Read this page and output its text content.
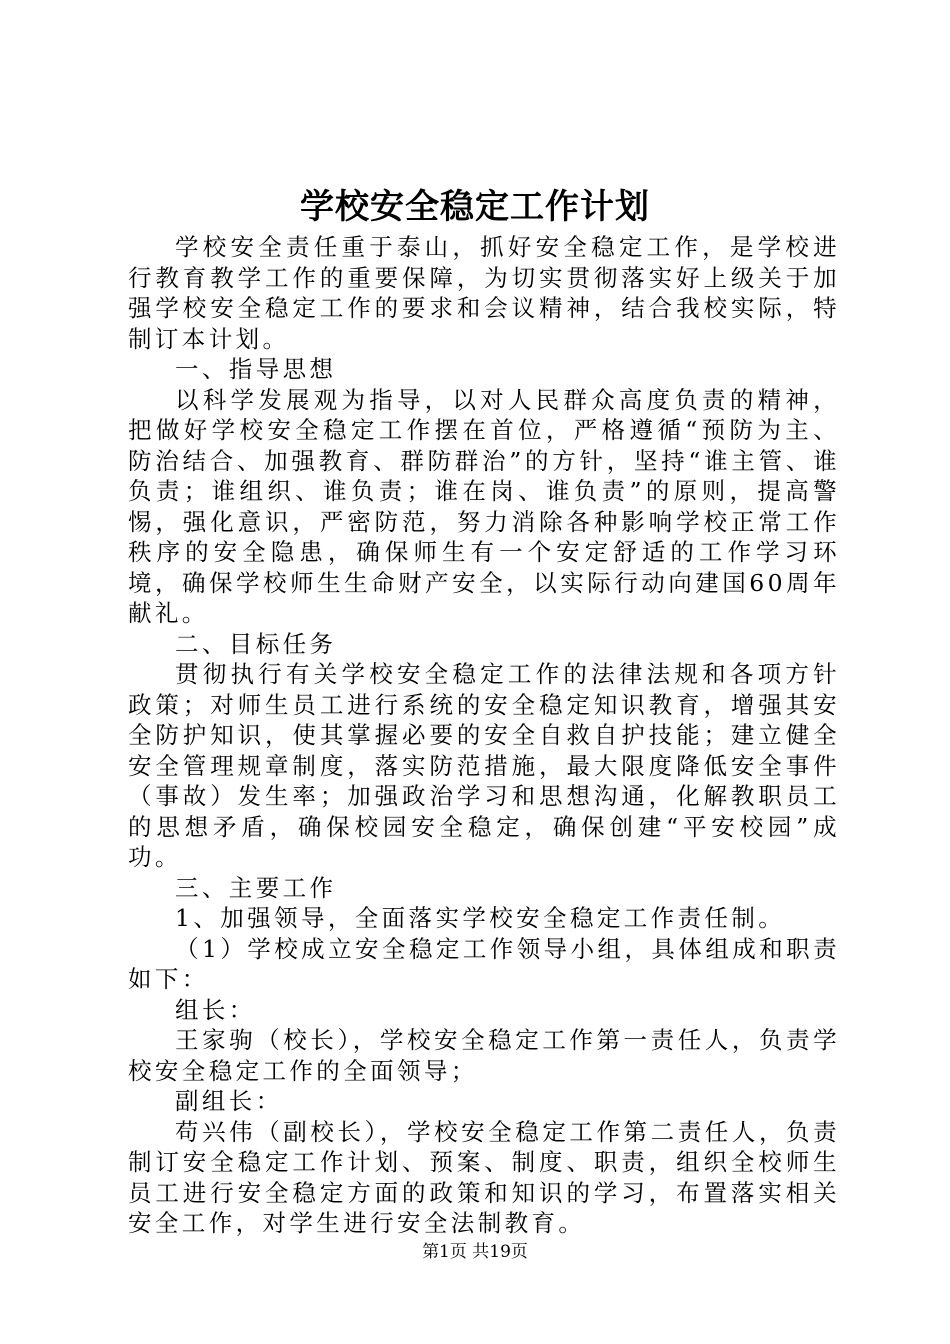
学校安全稳定工作计划

学校安全责任重于泰山，抓好安全稳定工作，是学校进行教育教学工作的重要保障，为切实贯彻落实好上级关于加强学校安全稳定工作的要求和会议精神，结合我校实际，特制订本计划。

一、指导思想

以科学发展观为指导，以对人民群众高度负责的精神，把做好学校安全稳定工作摆在首位，严格遵循“预防为主、防治结合、加强教育、群防群治”的方针，坚持“谁主管、谁负责；谁组织、谁负责；谁在岗、谁负责”的原则，提高警惕，强化意识，严密防范，努力消除各种影响学校正常工作秩序的安全隐患，确保师生有一个安定舒适的工作学习环境，确保学校师生生命财产安全，以实际行动向建国60周年献礼。

二、目标任务

贯彻执行有关学校安全稳定工作的法律法规和各项方针政策；对师生员工进行系统的安全稳定知识教育，增强其安全防护知识，使其掌握必要的安全自救自护技能；建立健全安全管理规章制度，落实防范措施，最大限度降低安全事件（事故）发生率；加强政治学习和思想沟通，化解教职员工的思想矛盾，确保校园安全稳定，确保创建“平安校园”成功。

三、主要工作

1、加强领导，全面落实学校安全稳定工作责任制。

（1）学校成立安全稳定工作领导小组，具体组成和职责如下：

组长：

王家驹（校长），学校安全稳定工作第一责任人，负责学校安全稳定工作的全面领导；

副组长：

苟兴伟（副校长），学校安全稳定工作第二责任人，负责制订安全稳定工作计划、预案、制度、职责，组织全校师生员工进行安全稳定方面的政策和知识的学习，布置落实相关安全工作，对学生进行安全法制教育。

第1页 共19页
